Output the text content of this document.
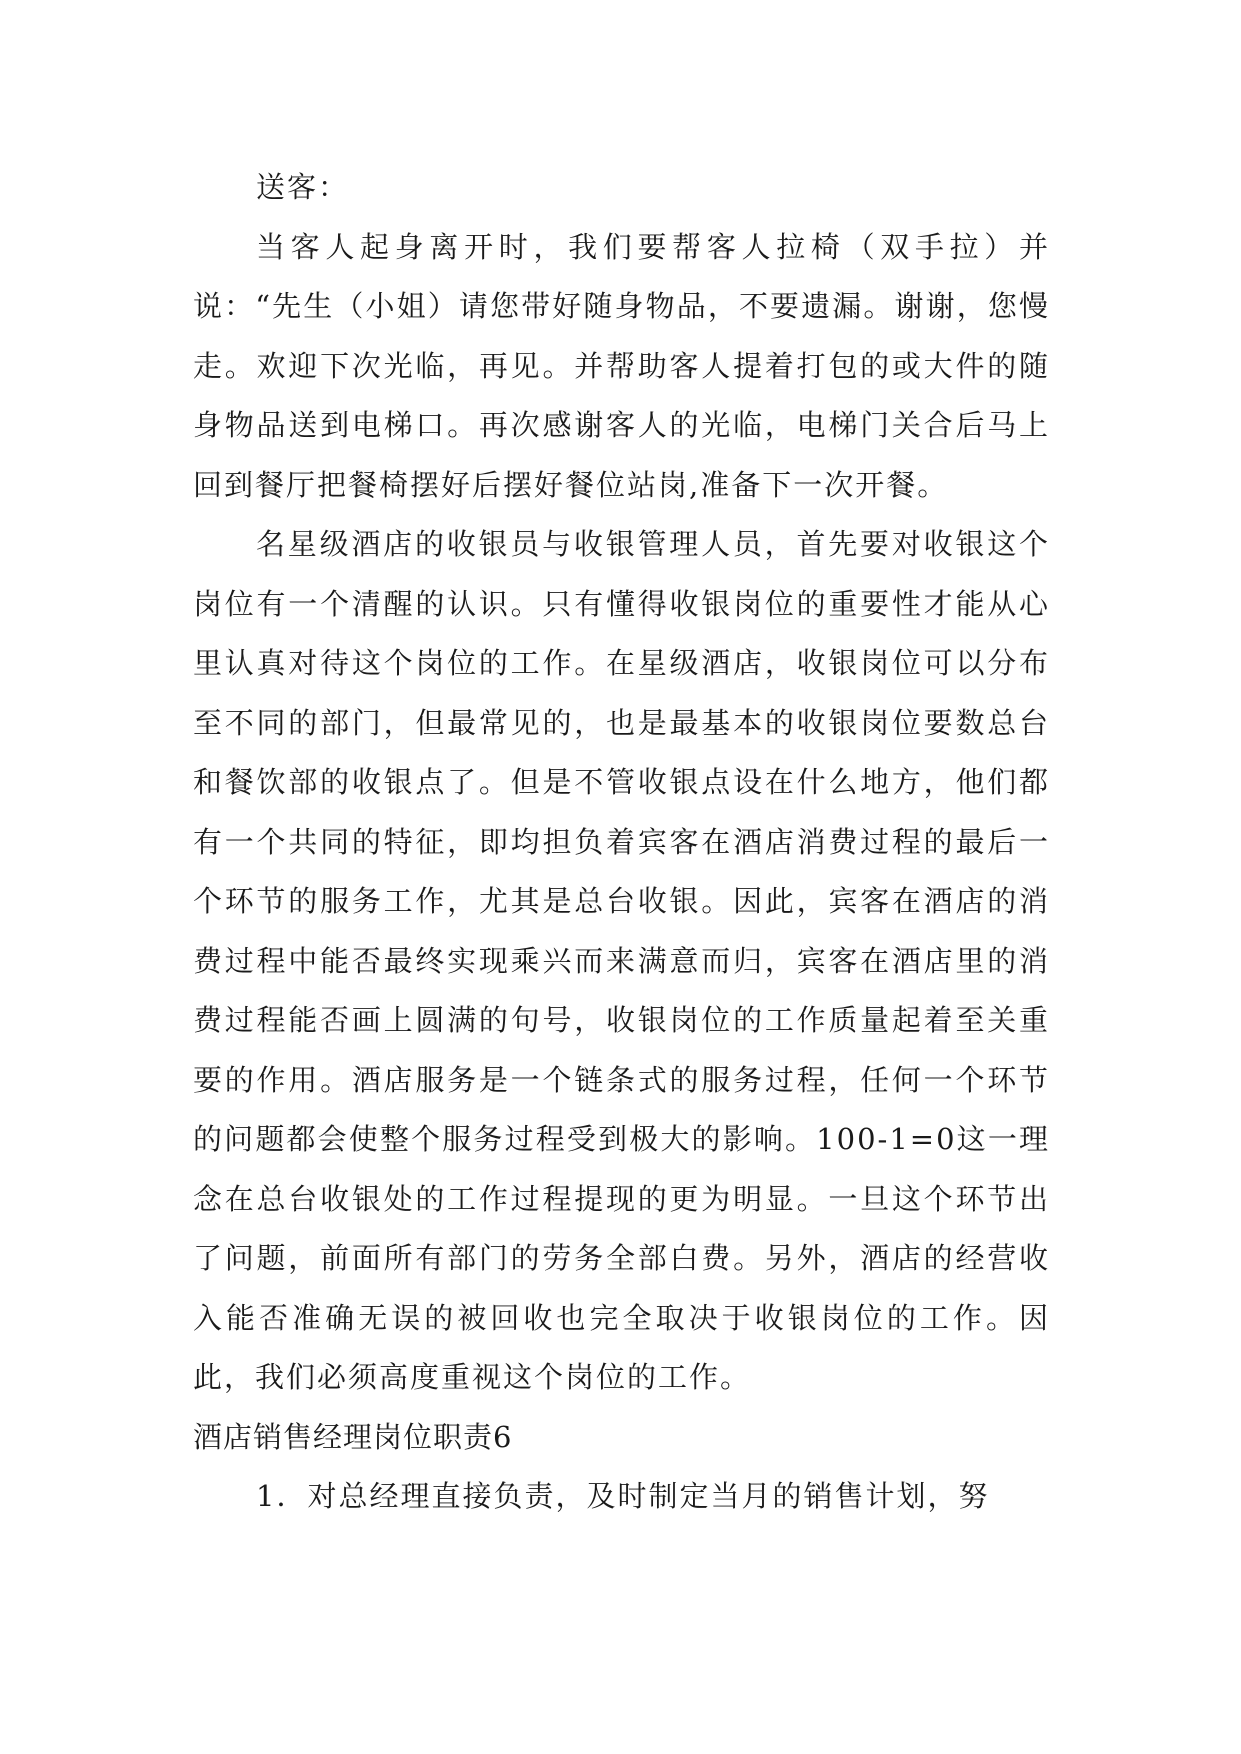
送客：

当客人起身离开时，我们要帮客人拉椅（双手拉）并说：“先生（小姐）请您带好随身物品，不要遗漏。谢谢，您慢走。欢迎下次光临，再见。并帮助客人提着打包的或大件的随身物品送到电梯口。再次感谢客人的光临，电梯门关合后马上回到餐厅把餐椅摆好后摆好餐位站岗,准备下一次开餐。

名星级酒店的收银员与收银管理人员，首先要对收银这个岗位有一个清醒的认识。只有懂得收银岗位的重要性才能从心里认真对待这个岗位的工作。在星级酒店，收银岗位可以分布至不同的部门，但最常见的，也是最基本的收银岗位要数总台和餐饮部的收银点了。但是不管收银点设在什么地方，他们都有一个共同的特征，即均担负着宾客在酒店消费过程的最后一个环节的服务工作，尤其是总台收银。因此，宾客在酒店的消费过程中能否最终实现乘兴而来满意而归，宾客在酒店里的消费过程能否画上圆满的句号，收银岗位的工作质量起着至关重要的作用。酒店服务是一个链条式的服务过程，任何一个环节的问题都会使整个服务过程受到极大的影响。100-1=0这一理念在总台收银处的工作过程提现的更为明显。一旦这个环节出了问题，前面所有部门的劳务全部白费。另外，酒店的经营收入能否准确无误的被回收也完全取决于收银岗位的工作。因此，我们必须高度重视这个岗位的工作。

酒店销售经理岗位职责6

1．对总经理直接负责，及时制定当月的销售计划，努
